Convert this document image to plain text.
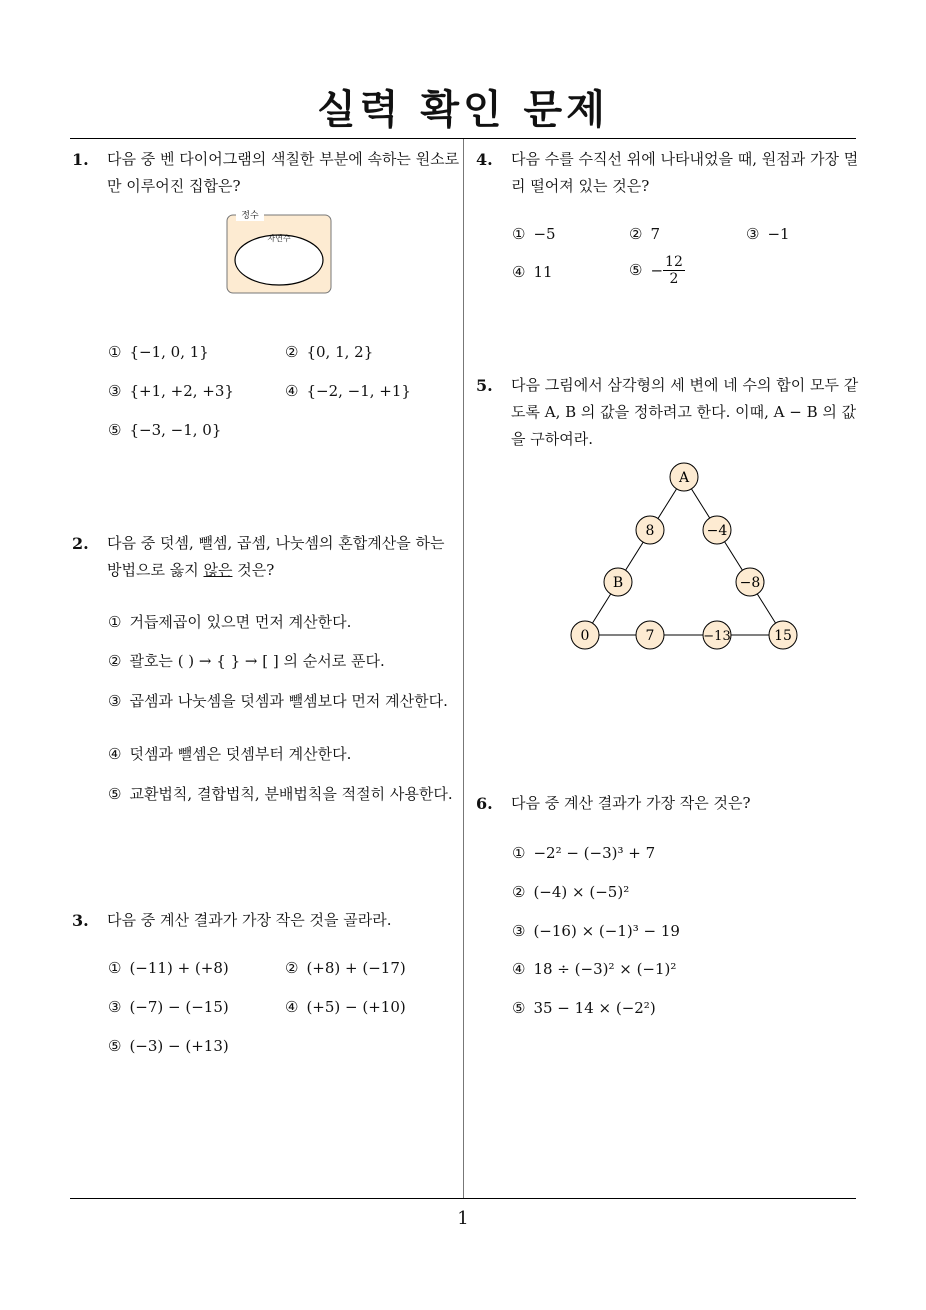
실력 확인 문제
1
1. 다음 중 벤 다이어그램의 색칠한 부분에 속하는 원소로만 이루어진 집합은?
정수
자연수
① {−1, 0, 1}	② {0, 1, 2}
③ {+1, +2, +3}	④ {−2, −1, +1}
⑤ {−3, −1, 0}
2. 다음 중 덧셈, 뺄셈, 곱셈, 나눗셈의 혼합계산을 하는 방법으로 옳지 않은 것은?
① 거듭제곱이 있으면 먼저 계산한다.
② 괄호는 ( ) → { } → [ ] 의 순서로 푼다.
③ 곱셈과 나눗셈을 덧셈과 뺄셈보다 먼저 계산한다.
④ 덧셈과 뺄셈은 덧셈부터 계산한다.
⑤ 교환법칙, 결합법칙, 분배법칙을 적절히 사용한다.
3. 다음 중 계산 결과가 가장 작은 것을 골라라.
① (−11) + (+8)	② (+8) + (−17)
③ (−7) − (−15)	④ (+5) − (+10)
⑤ (−3) − (+13)
4. 다음 수를 수직선 위에 나타내었을 때, 원점과 가장 멀리 떨어져 있는 것은?
① −5	② 7	③ −1
④ 11	⑤ − $\frac{12}{2}$
5. 다음 그림에서 삼각형의 세 변에 네 수의 합이 모두 같도록 A, B 의 값을 정하려고 한다. 이때, A − B 의 값을 구하여라.
A
8	−4
B	−8
0	7	−13	15
6. 다음 중 계산 결과가 가장 작은 것은?
① −2² − (−3)³ + 7
② (−4) × (−5)²
③ (−16) × (−1)³ − 19
④ 18 ÷ (−3)² × (−1)²
⑤ 35 − 14 × (−2²)
